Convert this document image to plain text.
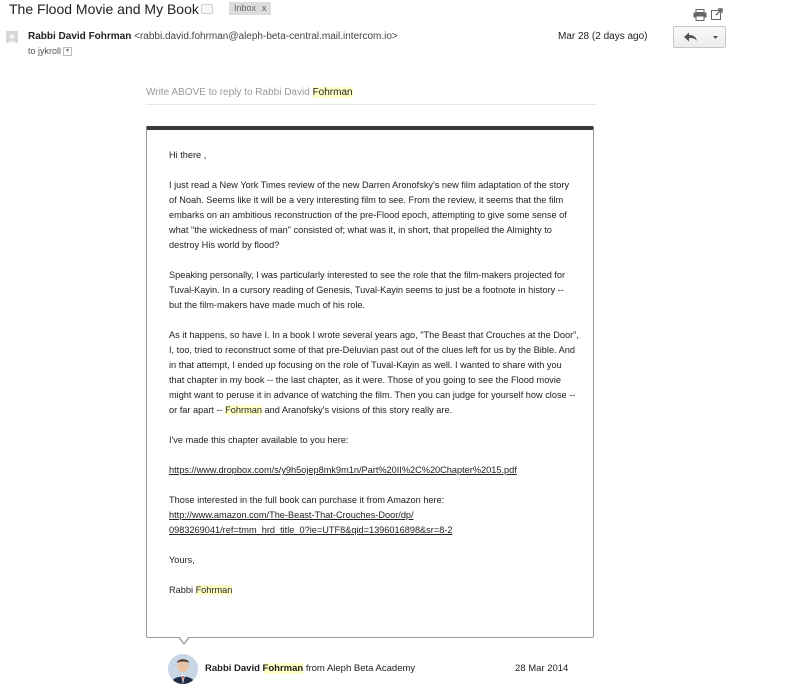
The Flood Movie and My Book	Inbox x
Rabbi David Fohrman <rabbi.david.fohrman@aleph-beta-central.mail.intercom.io>
to jykroll ▾
Mar 28 (2 days ago)
Write ABOVE to reply to Rabbi David Fohrman

Hi there ,

I just read a New York Times review of the new Darren Aronofsky's new film adaptation of the story of Noah. Seems like it will be a very interesting film to see. From the review, it seems that the film embarks on an ambitious reconstruction of the pre-Flood epoch, attempting to give some sense of what "the wickedness of man" consisted of; what was it, in short, that propelled the Almighty to destroy His world by flood?

Speaking personally, I was particularly interested to see the role that the film-makers projected for Tuval-Kayin. In a cursory reading of Genesis, Tuval-Kayin seems to just be a footnote in history -- but the film-makers have made much of his role.

As it happens, so have I. In a book I wrote several years ago, "The Beast that Crouches at the Door", I, too, tried to reconstruct some of that pre-Deluvian past out of the clues left for us by the Bible. And in that attempt, I ended up focusing on the role of Tuval-Kayin as well. I wanted to share with you that chapter in my book -- the last chapter, as it were. Those of you going to see the Flood movie might want to peruse it in advance of watching the film. Then you can judge for yourself how close -- or far apart -- Fohrman and Aranofsky's visions of this story really are.

I've made this chapter available to you here:

https://www.dropbox.com/s/y9h5ojep8mk9m1n/Part%20II%2C%20Chapter%2015.pdf

Those interested in the full book can purchase it from Amazon here:
http://www.amazon.com/The-Beast-That-Crouches-Door/dp/
0983269041/ref=tmm_hrd_title_0?ie=UTF8&qid=1396016898&sr=8-2

Yours,

Rabbi Fohrman

Rabbi David Fohrman from Aleph Beta Academy	28 Mar 2014
